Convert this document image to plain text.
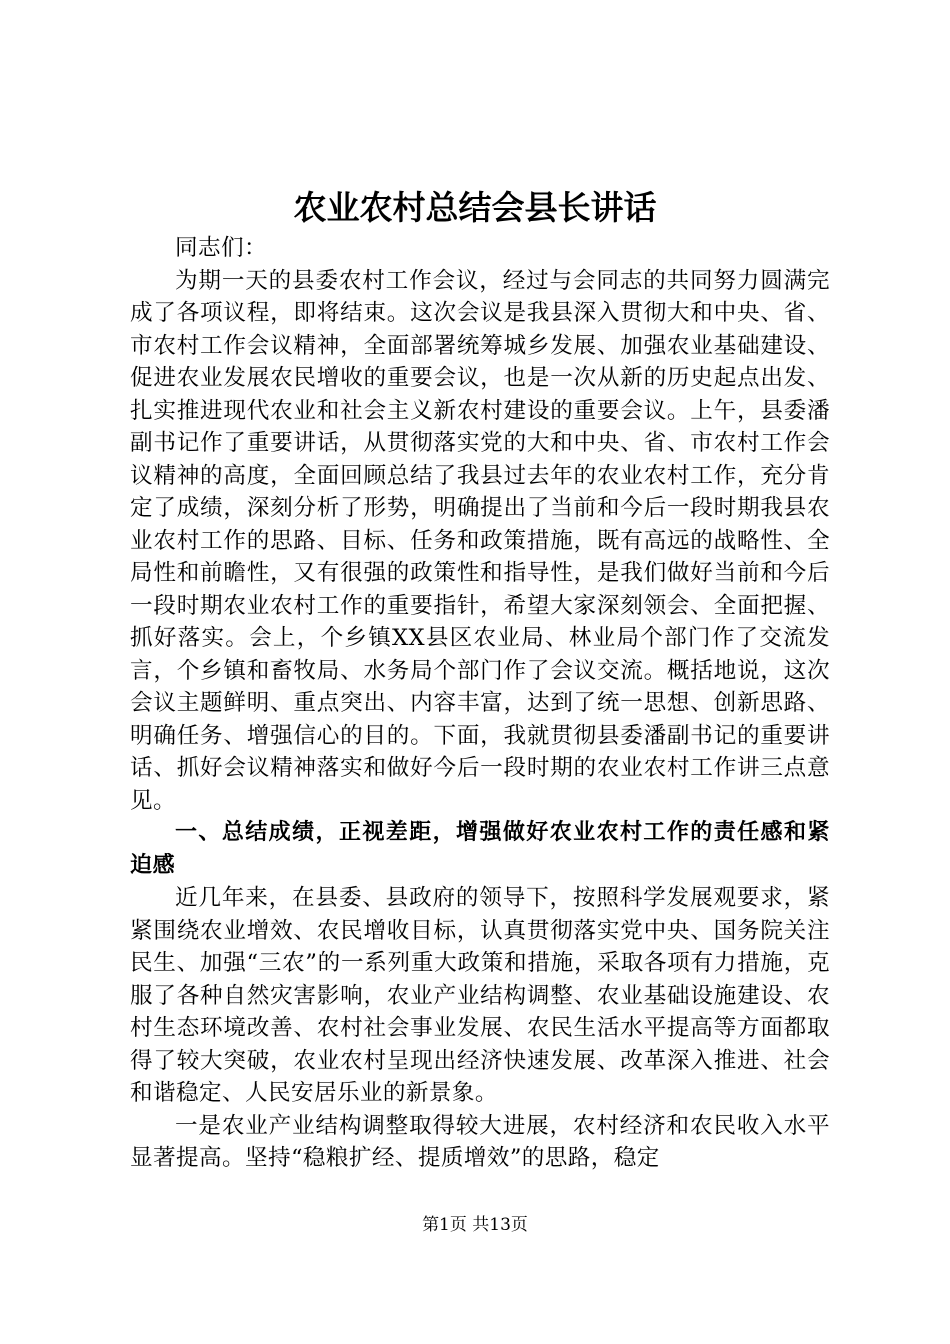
农业农村总结会县长讲话

同志们：

为期一天的县委农村工作会议，经过与会同志的共同努力圆满完成了各项议程，即将结束。这次会议是我县深入贯彻大和中央、省、市农村工作会议精神，全面部署统筹城乡发展、加强农业基础建设、促进农业发展农民增收的重要会议，也是一次从新的历史起点出发、扎实推进现代农业和社会主义新农村建设的重要会议。上午，县委潘副书记作了重要讲话，从贯彻落实党的大和中央、省、市农村工作会议精神的高度，全面回顾总结了我县过去年的农业农村工作，充分肯定了成绩，深刻分析了形势，明确提出了当前和今后一段时期我县农业农村工作的思路、目标、任务和政策措施，既有高远的战略性、全局性和前瞻性，又有很强的政策性和指导性，是我们做好当前和今后一段时期农业农村工作的重要指针，希望大家深刻领会、全面把握、抓好落实。会上，个乡镇XX县区农业局、林业局个部门作了交流发言，个乡镇和畜牧局、水务局个部门作了会议交流。概括地说，这次会议主题鲜明、重点突出、内容丰富，达到了统一思想、创新思路、明确任务、增强信心的目的。下面，我就贯彻县委潘副书记的重要讲话、抓好会议精神落实和做好今后一段时期的农业农村工作讲三点意见。

一、总结成绩，正视差距，增强做好农业农村工作的责任感和紧迫感

近几年来，在县委、县政府的领导下，按照科学发展观要求，紧紧围绕农业增效、农民增收目标，认真贯彻落实党中央、国务院关注民生、加强“三农”的一系列重大政策和措施，采取各项有力措施，克服了各种自然灾害影响，农业产业结构调整、农业基础设施建设、农村生态环境改善、农村社会事业发展、农民生活水平提高等方面都取得了较大突破，农业农村呈现出经济快速发展、改革深入推进、社会和谐稳定、人民安居乐业的新景象。

一是农业产业结构调整取得较大进展，农村经济和农民收入水平显著提高。坚持“稳粮扩经、提质增效”的思路，稳定

第1页 共13页
